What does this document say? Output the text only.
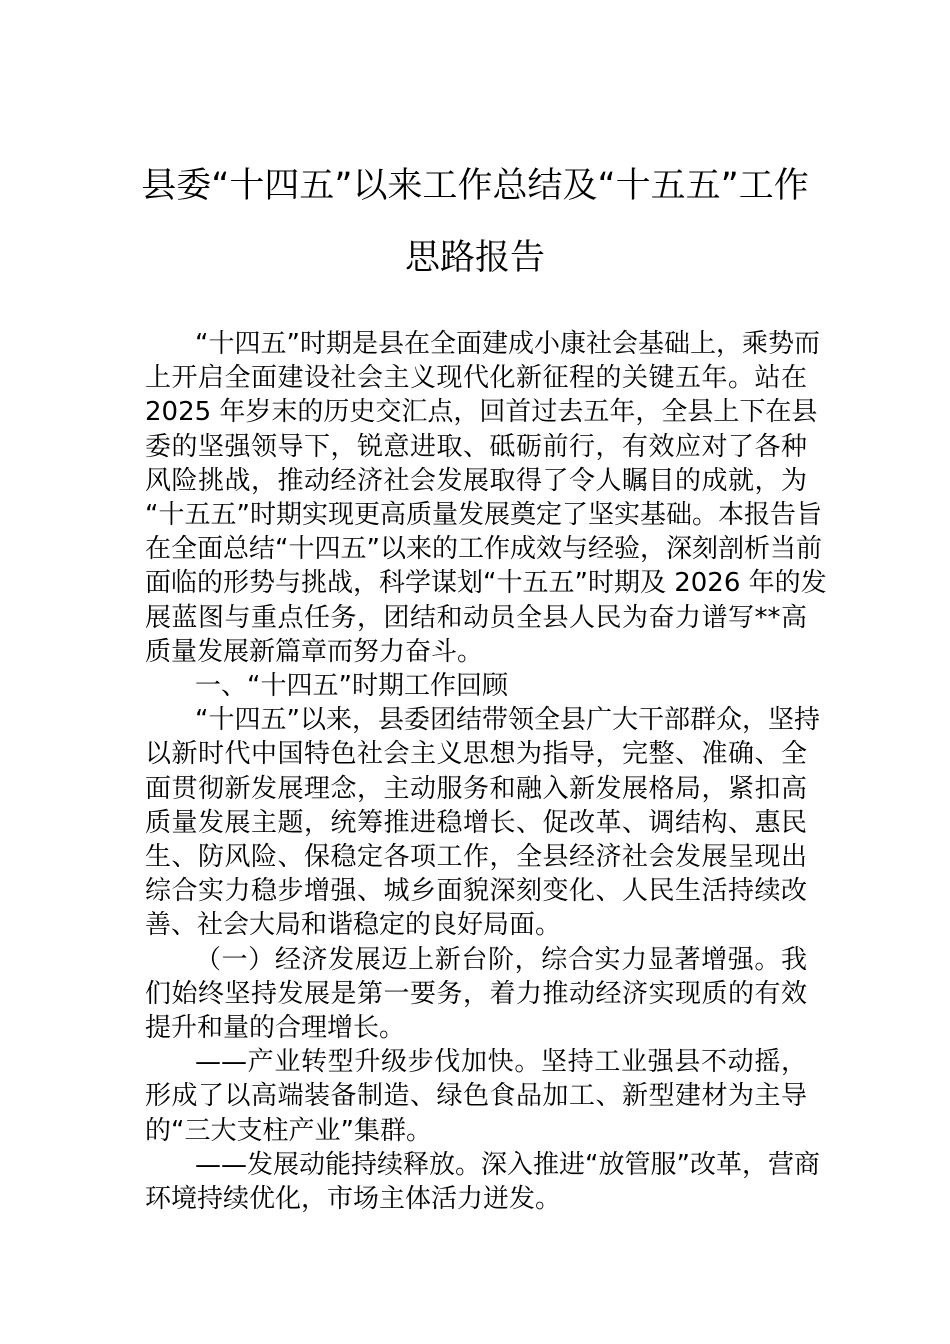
县委“十四五”以来工作总结及“十五五”工作
思路报告
“十四五”时期是县在全面建成小康社会基础上，乘势而
上开启全面建设社会主义现代化新征程的关键五年。站在
2025 年岁末的历史交汇点，回首过去五年，全县上下在县
委的坚强领导下，锐意进取、砥砺前行，有效应对了各种
风险挑战，推动经济社会发展取得了令人瞩目的成就，为
“十五五”时期实现更高质量发展奠定了坚实基础。本报告旨
在全面总结“十四五”以来的工作成效与经验，深刻剖析当前
面临的形势与挑战，科学谋划“十五五”时期及 2026 年的发
展蓝图与重点任务，团结和动员全县人民为奋力谱写**高
质量发展新篇章而努力奋斗。
一、“十四五”时期工作回顾
“十四五”以来，县委团结带领全县广大干部群众，坚持
以新时代中国特色社会主义思想为指导，完整、准确、全
面贯彻新发展理念，主动服务和融入新发展格局，紧扣高
质量发展主题，统筹推进稳增长、促改革、调结构、惠民
生、防风险、保稳定各项工作，全县经济社会发展呈现出
综合实力稳步增强、城乡面貌深刻变化、人民生活持续改
善、社会大局和谐稳定的良好局面。
（一）经济发展迈上新台阶，综合实力显著增强。我
们始终坚持发展是第一要务，着力推动经济实现质的有效
提升和量的合理增长。
——产业转型升级步伐加快。坚持工业强县不动摇，
形成了以高端装备制造、绿色食品加工、新型建材为主导
的“三大支柱产业”集群。
——发展动能持续释放。深入推进“放管服”改革，营商
环境持续优化，市场主体活力迸发。
